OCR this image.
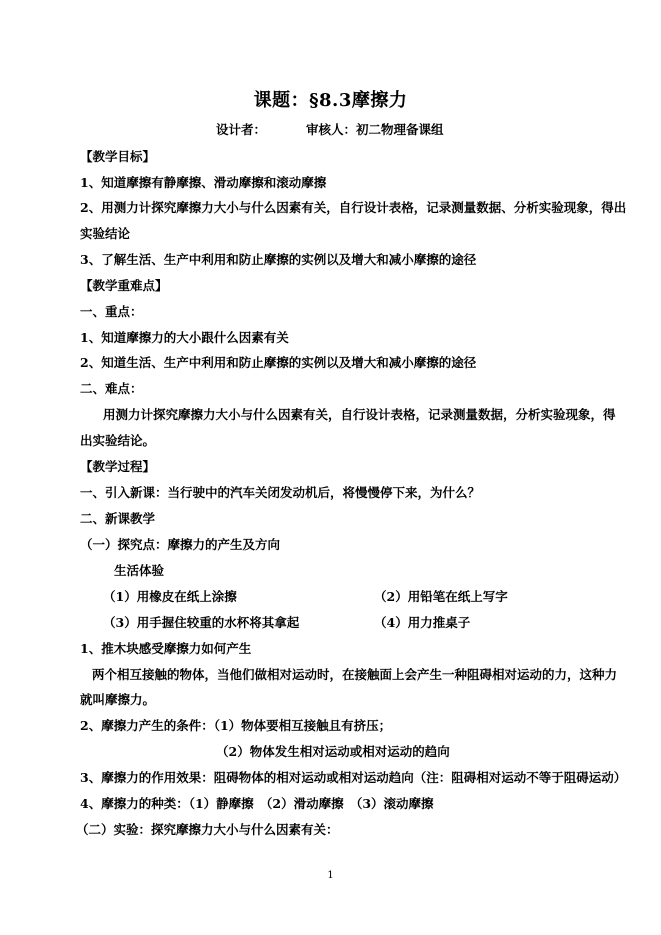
课题：§8.3摩擦力
设计者：	审核人：初二物理备课组
【教学目标】
1、知道摩擦有静摩擦、滑动摩擦和滚动摩擦
2、用测力计探究摩擦力大小与什么因素有关，自行设计表格，记录测量数据、分析实验现象，得出
实验结论
3、了解生活、生产中利用和防止摩擦的实例以及增大和减小摩擦的途径
【教学重难点】
一、重点：
1、知道摩擦力的大小跟什么因素有关
2、知道生活、生产中利用和防止摩擦的实例以及增大和减小摩擦的途径
二、难点：
用测力计探究摩擦力大小与什么因素有关，自行设计表格，记录测量数据，分析实验现象，得
出实验结论。
【教学过程】
一、引入新课：当行驶中的汽车关闭发动机后，将慢慢停下来，为什么？
二、新课教学
（一）探究点：摩擦力的产生及方向
生活体验
（1）用橡皮在纸上涂擦	（2）用铅笔在纸上写字
（3）用手握住较重的水杯将其拿起	（4）用力推桌子
1、推木块感受摩擦力如何产生
两个相互接触的物体，当他们做相对运动时，在接触面上会产生一种阻碍相对运动的力，这种力
就叫摩擦力。
2、摩擦力产生的条件：（1）物体要相互接触且有挤压；
（2）物体发生相对运动或相对运动的趋向
3、摩擦力的作用效果：阻碍物体的相对运动或相对运动趋向（注：阻碍相对运动不等于阻碍运动）
4、摩擦力的种类：（1）静摩擦　（2）滑动摩擦　（3）滚动摩擦
（二）实验：探究摩擦力大小与什么因素有关：
1
